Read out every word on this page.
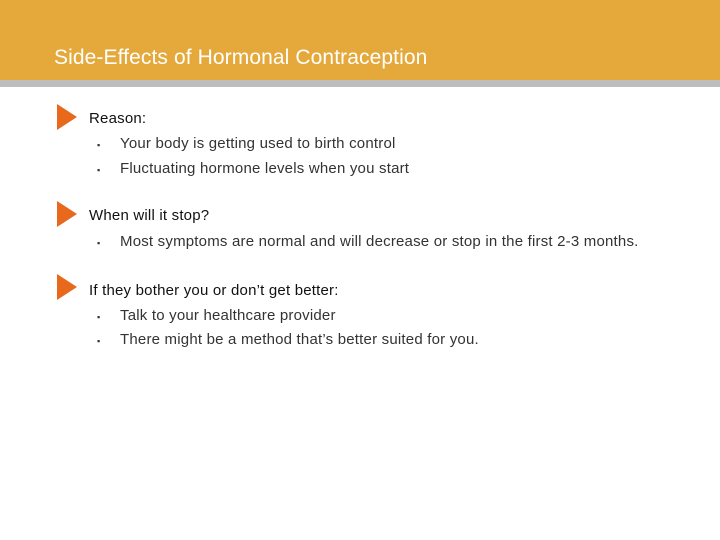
Side-Effects of Hormonal Contraception
Reason:
▪ Your body is getting used to birth control
▪ Fluctuating hormone levels when you start
When will it stop?
▪ Most symptoms are normal and will decrease or stop in the first 2-3 months.
If they bother you or don’t get better:
▪ Talk to your healthcare provider
▪ There might be a method that’s better suited for you.
